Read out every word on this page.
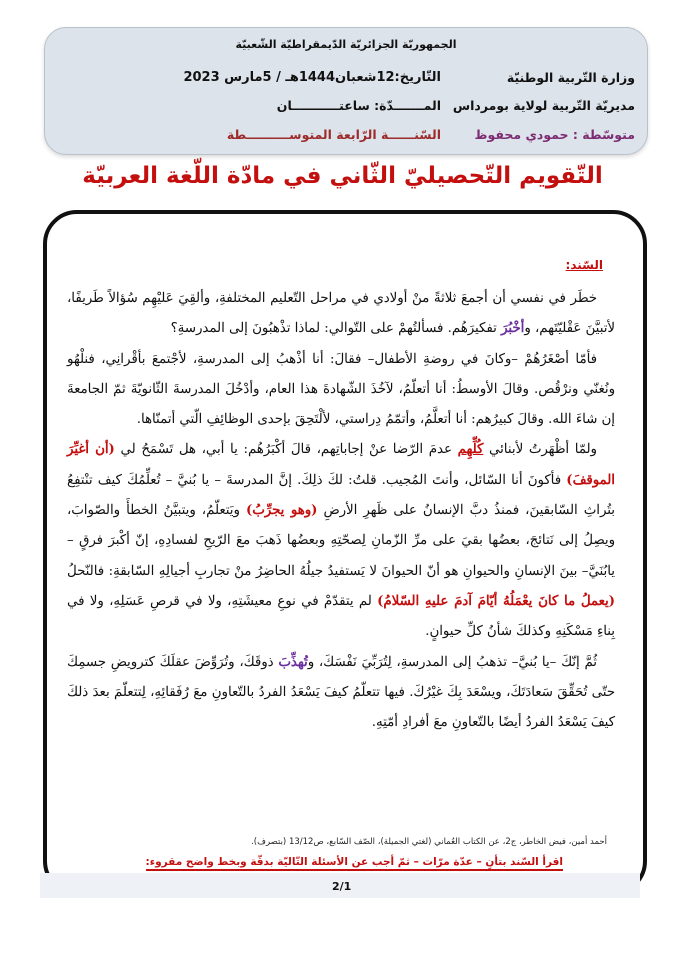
الجمهوريّة الجزائريّة الدّيمقراطيّة الشّعبيّة
وزارة التّربية الوطنيّة
التّاريخ:12شعبان1444هـ / 5مارس 2023
مديريّة التّربية لولاية بومرداس
المـــــــدّة: ساعتـــــــــــان
متوسّطة : حمودي محفوظ
السّنــــــة الرّابعة المتوســــــــــطة
التّقويم التّحصيليّ الثّاني في مادّة اللّغة العربيّة
السّند:

خطَر في نفسي أن أجمعَ ثلاثةً منْ أولادي في مراحل التّعليم المختلفةِ، وألقِيَ عَليْهِم سُؤالاً طَريفًا، لأتبيَّنَ عَقْليّتَهم، وأخْبُرَ تفكيرَهُم. فسألتُهمْ على التّوالي: لماذا تذْهبُونَ إلى المدرسةِ؟

فأمّا أصْغَرُهُمْ –وكانَ في روضةِ الأطفال– فقالَ: أنا أذْهبُ إلى المدرسةِ، لأجْتمعَ بأقْرانِي، فنلْهُو ونُغنّي ونرْقُص. وقالَ الأوسطُ: أنا أتعلّمُ، لآخُذَ الشّهادةَ هذا العام، وأدْخُلَ المدرسةَ الثّانويّةَ ثمّ الجامعةَ إن شاءَ الله. وقالَ كبيرُهم: أنا أتعلَّمُ، وأتمّمُ دِراستي، لألْتَحِقَ بإحدى الوظائِفِ الّتي أتمنّاها.

ولمّا أظْهَرتُ لأبنائي كُلِّهِم عدمَ الرّضا عنْ إجاباتِهم، قالَ أكْبَرُهُم: يا أبي، هل تَسْمَحُ لي (أن أغيِّرَ الموقفَ) فأكونَ أنا السّائل، وأنتَ المُجيب. قلتُ: لكَ ذلِكَ. إنَّ المدرسةَ – يا بُنيَّ – تُعلِّمُكَ كيف تنْتفِعُ بتُراثِ السّابقينَ، فمنذُ دبَّ الإنسانُ على ظَهرِ الأرضِ (وهو يجرِّبُ) ويَتعلّمُ، ويتبيَّنُ الخطأَ والصّوابَ، ويصِلُ إلى نَتائجَ، بعضُها بقيَ على مرِّ الزّمانِ لِصحّتِهِ وبعضُها ذَهبَ معَ الرّيحِ لفسادِهِ، إنّ أكْبرَ فرقٍ –يابُنَيَّ– بينَ الإنسانِ والحيوانِ هو أنّ الحيوانَ لا يَستفيدُ جيلُهُ الحاضِرُ منْ تجاربِ أجيالِهِ السّابقةِ: فالنّحلُ (يعملُ ما كانَ يعْمَلُهُ أيّامَ آدمَ عليهِ السّلامُ) لم يتقدّمْ في نوعِ معيشَتِهِ، ولا في قرصِ عَسَلِهِ، ولا في بِناءِ مَسْكَنِهِ وكذلكَ شأنُ كلِّ حيوانٍ.

ثُمَّ إنّكَ –يا بُنيَّ– تذهبُ إلى المدرسةِ، لِتُرَبِّيَ نَفْسَكَ، وتُهذِّبَ ذوقَكَ، وتُرَوِّضَ عقلَكَ كترويضِ جسمِكَ حتّى تُحَقِّقَ سَعادَتَكَ، ويسْعَدَ بِكَ غيْرُكَ. فيها تتعلّمُ كيفَ يَسْعَدُ الفردُ بالتّعاونِ معَ رُفَقائِهِ، لِتتعلّمَ بعدَ ذلكَ كيفَ يَسْعَدُ الفردُ أيضًا بالتّعاونِ معَ أفرادِ أمّتِهِ.

أحمد أمين، فيض الخاطر، ج2، عن الكتاب العُماني (لغتي الجميلة)، الصّف السّابع، ص13/12 (بتصرف).
اقرأ السّند بتأنٍ – عدّة مرّات – ثمّ أجب عن الأسئلة التّاليّة بدقّة وبخط واضح مقروء:
2/1
